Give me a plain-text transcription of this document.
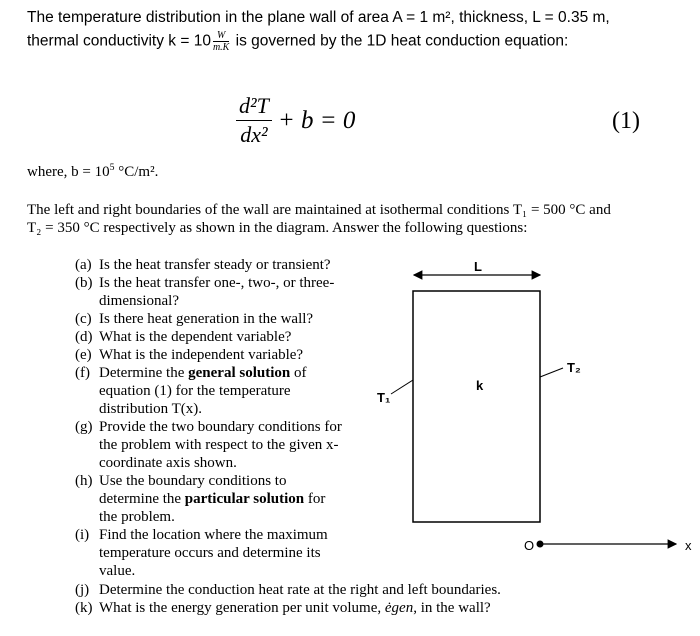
The temperature distribution in the plane wall of area A = 1 m², thickness, L = 0.35 m,
thermal conductivity $k = 10 \frac{W}{m.K}$ is governed by the 1D heat conduction equation:
$\frac{\text{d²T}}{\text{dx²}} + b = 0$	(1)
where, $b = 10^5$ °C/m².
The left and right boundaries of the wall are maintained at isothermal conditions T₁ = 500 °C and
T₂ = 350 °C respectively as shown in the diagram. Answer the following questions:
(a) Is the heat transfer steady or transient?
(b) Is the heat transfer one-, two-, or three-
dimensional?
(c) Is there heat generation in the wall?
(d) What is the dependent variable?
(e) What is the independent variable?
(f) Determine the general solution of
equation (1) for the temperature
distribution T(x).
(g) Provide the two boundary conditions for
the problem with respect to the given x-
coordinate axis shown.
(h) Use the boundary conditions to
determine the particular solution for
the problem.
(i) Find the location where the maximum
temperature occurs and determine its
value.
(j) Determine the conduction heat rate at the right and left boundaries.
(k) What is the energy generation per unit volume, ėgen, in the wall?
L
k
T₁
T₂
O	x
